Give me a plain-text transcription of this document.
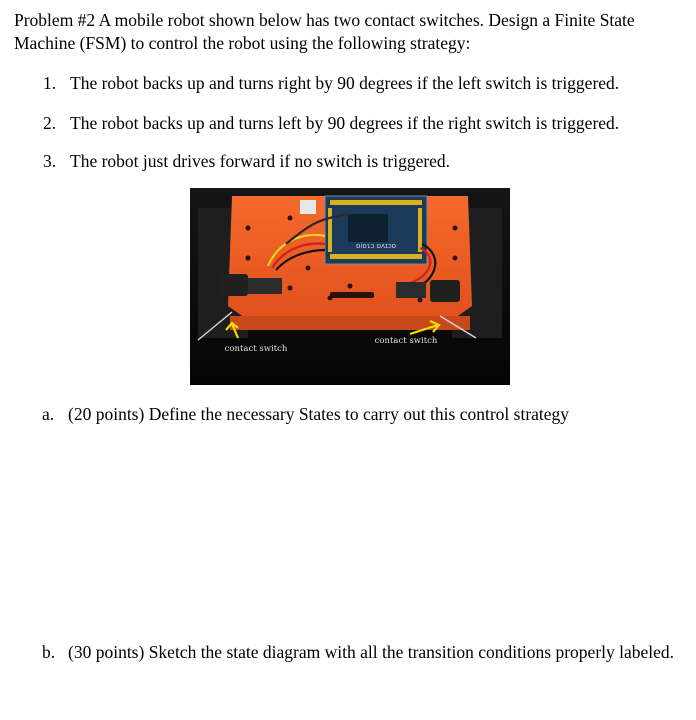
Problem #2 A mobile robot shown below has two contact switches. Design a Finite State Machine (FSM) to control the robot using the following strategy:
1. The robot backs up and turns right by 90 degrees if the left switch is triggered.
2. The robot backs up and turns left by 90 degrees if the right switch is triggered.
3. The robot just drives forward if no switch is triggered.
ɒiɒɿɔ ɒʌɪɔɒ
contact switch
contact switch
a. (20 points) Define the necessary States to carry out this control strategy
b. (30 points) Sketch the state diagram with all the transition conditions properly labeled.
